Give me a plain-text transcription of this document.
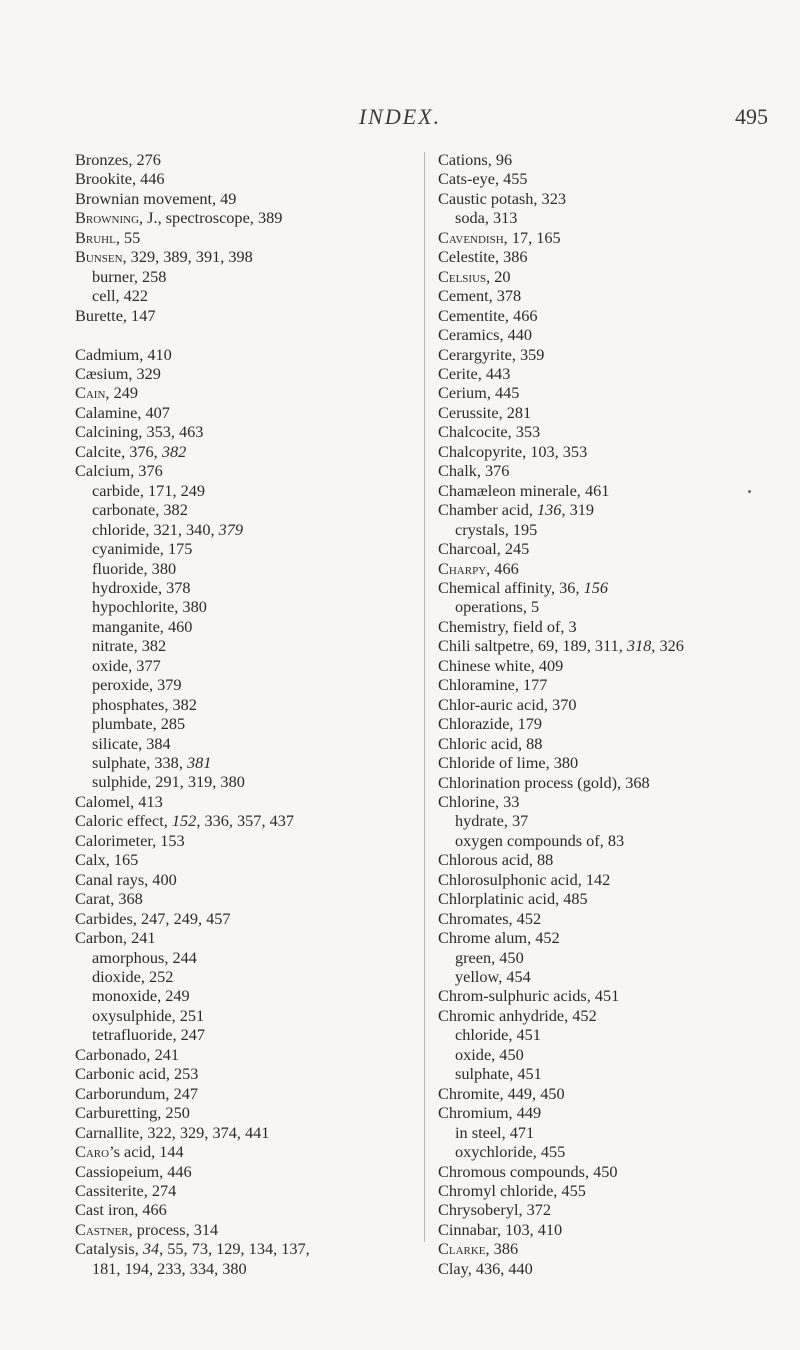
INDEX.	495
Bronzes, 276
Brookite, 446
Brownian movement, 49
Browning, J., spectroscope, 389
Bruhl, 55
Bunsen, 329, 389, 391, 398
burner, 258
cell, 422
Burette, 147
Cadmium, 410
Cæsium, 329
Cain, 249
Calamine, 407
Calcining, 353, 463
Calcite, 376, 382
Calcium, 376
carbide, 171, 249
carbonate, 382
chloride, 321, 340, 379
cyanimide, 175
fluoride, 380
hydroxide, 378
hypochlorite, 380
manganite, 460
nitrate, 382
oxide, 377
peroxide, 379
phosphates, 382
plumbate, 285
silicate, 384
sulphate, 338, 381
sulphide, 291, 319, 380
Calomel, 413
Caloric effect, 152, 336, 357, 437
Calorimeter, 153
Calx, 165
Canal rays, 400
Carat, 368
Carbides, 247, 249, 457
Carbon, 241
amorphous, 244
dioxide, 252
monoxide, 249
oxysulphide, 251
tetrafluoride, 247
Carbonado, 241
Carbonic acid, 253
Carborundum, 247
Carburetting, 250
Carnallite, 322, 329, 374, 441
Caro’s acid, 144
Cassiopeium, 446
Cassiterite, 274
Cast iron, 466
Castner, process, 314
Catalysis, 34, 55, 73, 129, 134, 137,
181, 194, 233, 334, 380
Cations, 96
Cats-eye, 455
Caustic potash, 323
soda, 313
Cavendish, 17, 165
Celestite, 386
Celsius, 20
Cement, 378
Cementite, 466
Ceramics, 440
Cerargyrite, 359
Cerite, 443
Cerium, 445
Cerussite, 281
Chalcocite, 353
Chalcopyrite, 103, 353
Chalk, 376
Chamæleon minerale, 461
Chamber acid, 136, 319
crystals, 195
Charcoal, 245
Charpy, 466
Chemical affinity, 36, 156
operations, 5
Chemistry, field of, 3
Chili saltpetre, 69, 189, 311, 318, 326
Chinese white, 409
Chloramine, 177
Chlor-auric acid, 370
Chlorazide, 179
Chloric acid, 88
Chloride of lime, 380
Chlorination process (gold), 368
Chlorine, 33
hydrate, 37
oxygen compounds of, 83
Chlorous acid, 88
Chlorosulphonic acid, 142
Chlorplatinic acid, 485
Chromates, 452
Chrome alum, 452
green, 450
yellow, 454
Chrom-sulphuric acids, 451
Chromic anhydride, 452
chloride, 451
oxide, 450
sulphate, 451
Chromite, 449, 450
Chromium, 449
in steel, 471
oxychloride, 455
Chromous compounds, 450
Chromyl chloride, 455
Chrysoberyl, 372
Cinnabar, 103, 410
Clarke, 386
Clay, 436, 440
